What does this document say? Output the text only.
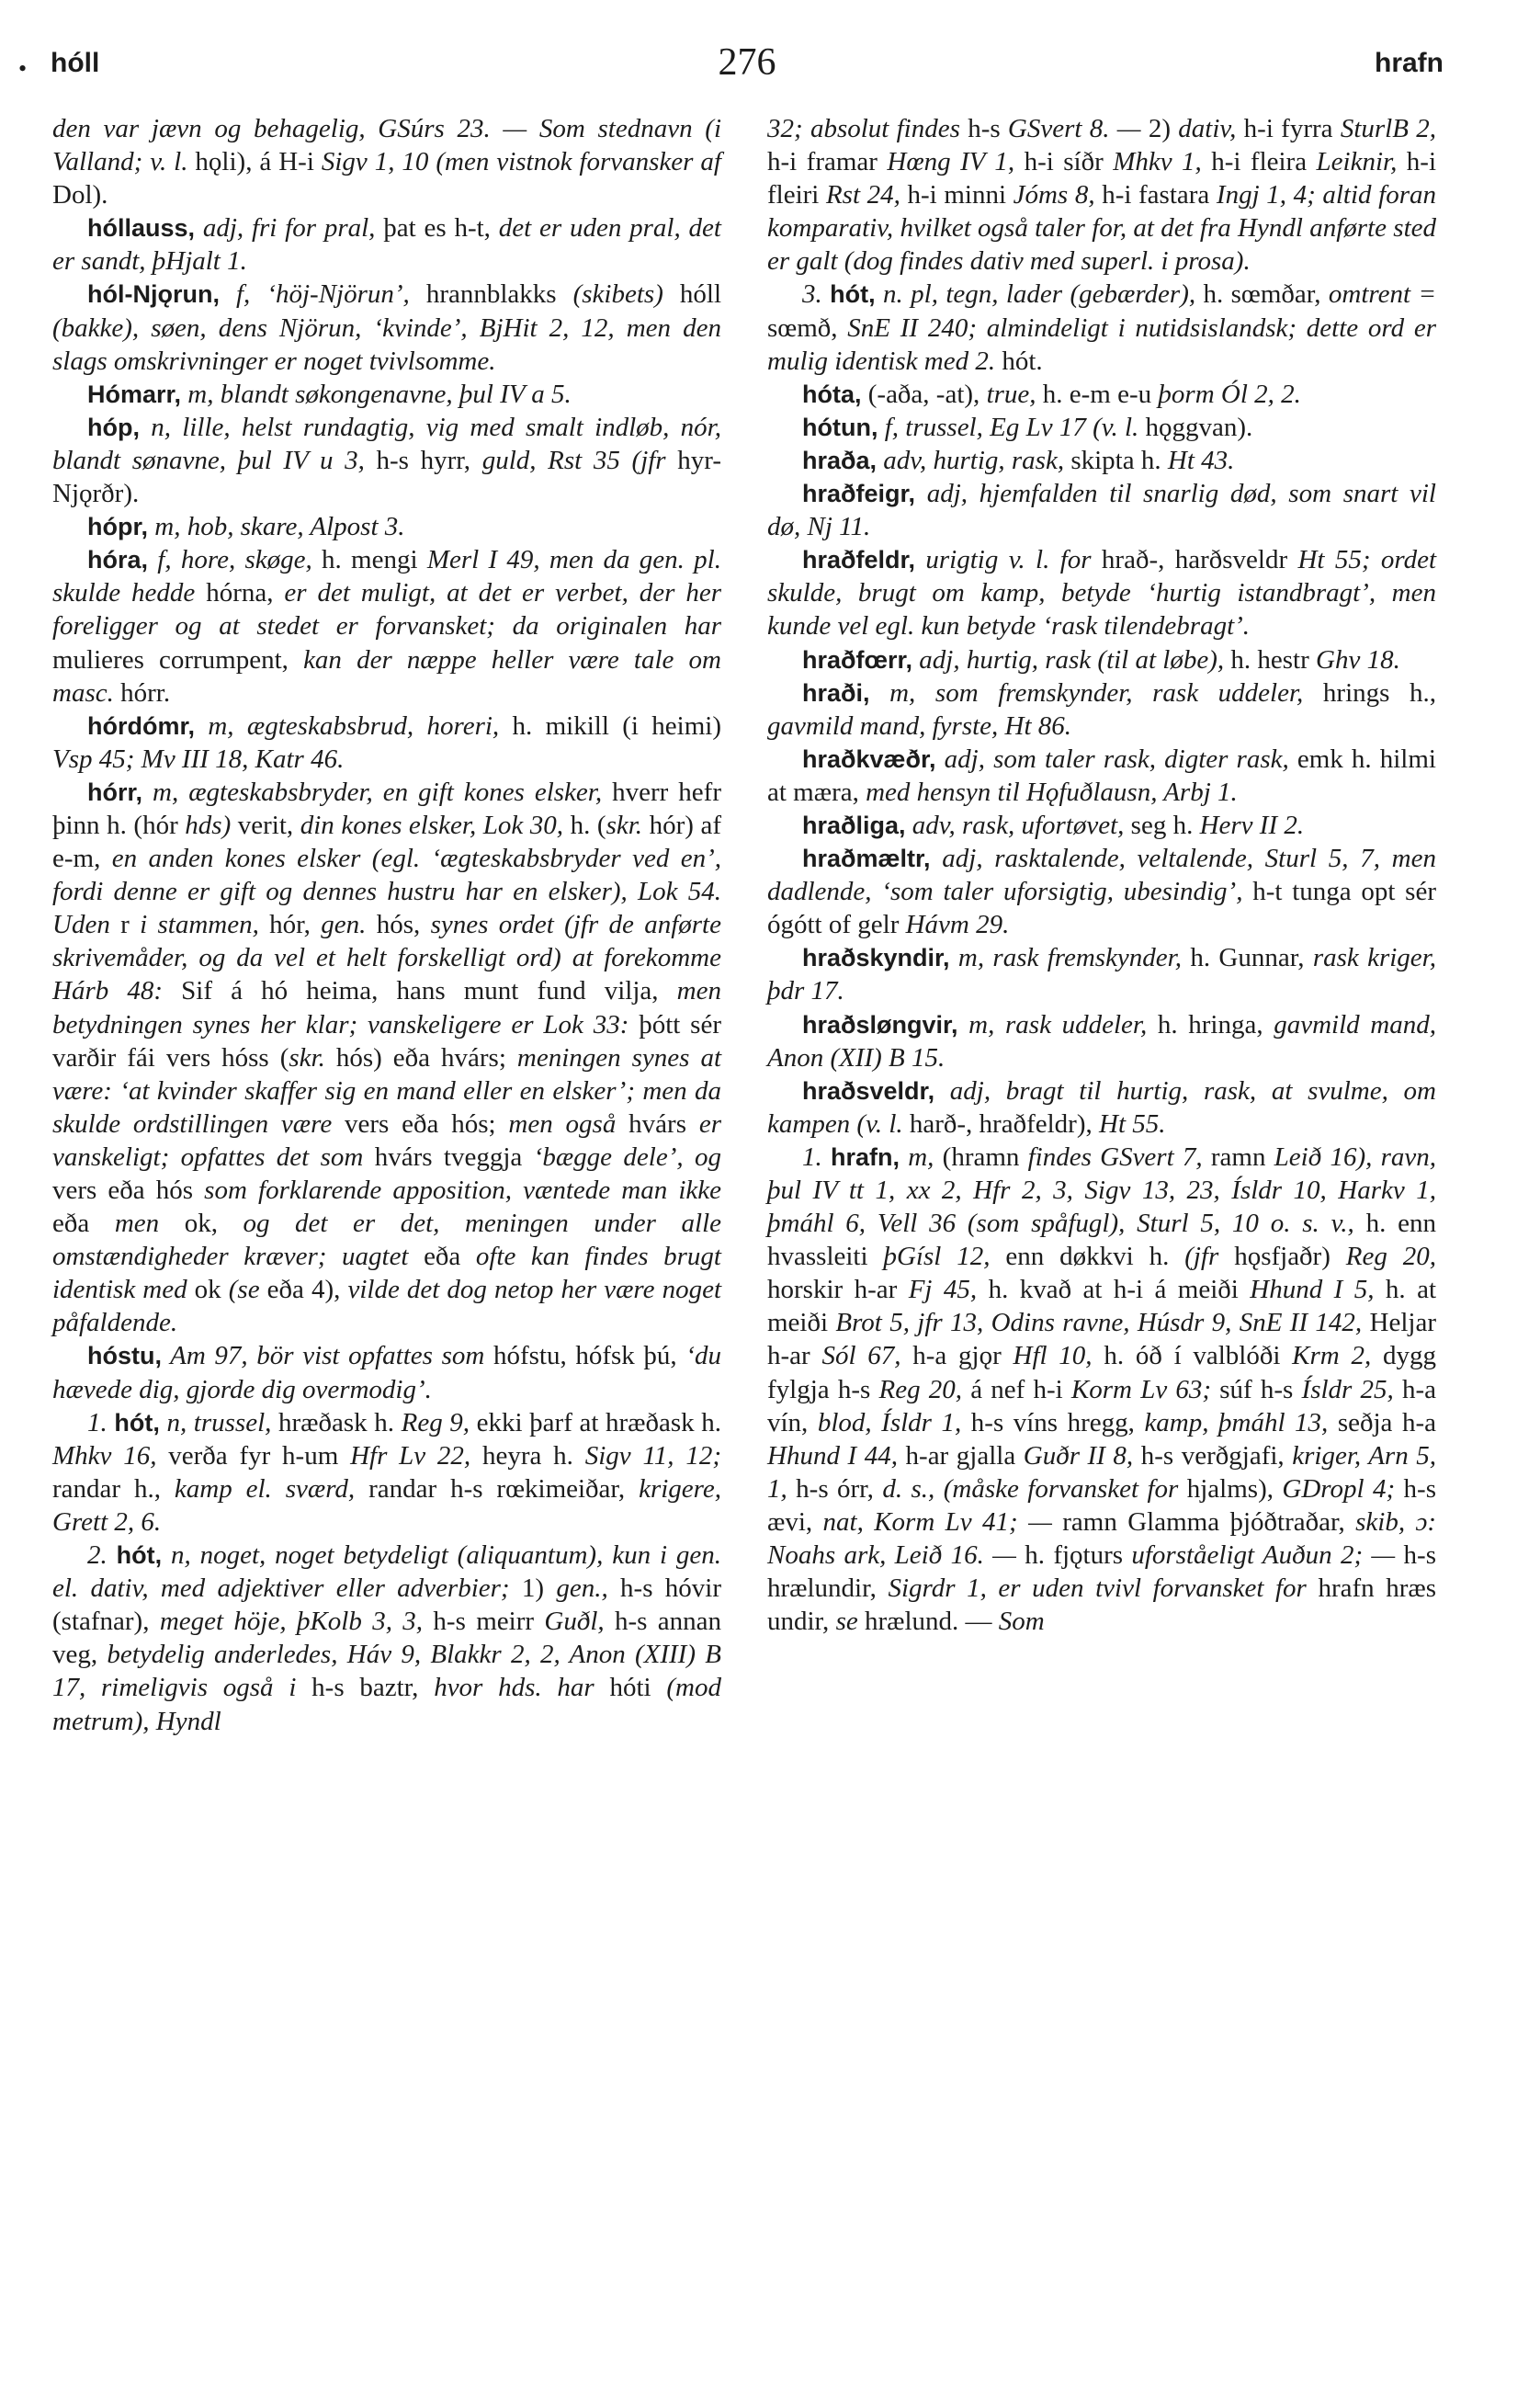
• hóll	276	hrafn

den var jævn og behagelig, GSúrs 23. — Som stednavn (i Valland; v. l. hǫli), á H-i Sigv 1, 10 (men vistnok forvansker af Dol).

hóllauss, adj, fri for pral, þat es h-t, det er uden pral, det er sandt, þHjalt 1.

hól-Njǫrun, f, ‘höj-Njörun’, hrannblakks (skibets) hóll (bakke), søen, dens Njörun, ‘kvinde’, BjHit 2, 12, men den slags omskrivninger er noget tvivlsomme.

Hómarr, m, blandt søkongenavne, þul IV a 5.

hóp, n, lille, helst rundagtig, vig med smalt indløb, nór, blandt sønavne, þul IV u 3, h-s hyrr, guld, Rst 35 (jfr hyr-Njǫrðr).

hópr, m, hob, skare, Alpost 3.

hóra, f, hore, skøge, h. mengi Merl I 49, men da gen. pl. skulde hedde hórna, er det muligt, at det er verbet, der her foreligger og at stedet er forvansket; da originalen har mulieres corrumpent, kan der næppe heller være tale om masc. hórr.

hórdómr, m, ægteskabsbrud, horeri, h. mikill (i heimi) Vsp 45; Mv III 18, Katr 46.

hórr, m, ægteskabsbryder, en gift kones elsker, hverr hefr þinn h. (hór hds) verit, din kones elsker, Lok 30, h. (skr. hór) af e-m, en anden kones elsker (egl. ‘ægteskabsbryder ved en’, fordi denne er gift og dennes hustru har en elsker), Lok 54. Uden r i stammen, hór, gen. hós, synes ordet (jfr de anførte skrivemåder, og da vel et helt forskelligt ord) at forekomme Hárb 48: Sif á hó heima, hans munt fund vilja, men betydningen synes her klar; vanskeligere er Lok 33: þótt sér varðir fái vers hóss (skr. hós) eða hvárs; meningen synes at være: ‘at kvinder skaffer sig en mand eller en elsker’; men da skulde ordstillingen være vers eða hós; men også hvárs er vanskeligt; opfattes det som hvárs tveggja ‘bægge dele’, og vers eða hós som forklarende apposition, væntede man ikke eða men ok, og det er det, meningen under alle omstændigheder kræver; uagtet eða ofte kan findes brugt identisk med ok (se eða 4), vilde det dog netop her være noget påfaldende.

hóstu, Am 97, bör vist opfattes som hófstu, hófsk þú, ‘du hævede dig, gjorde dig overmodig’.

1. hót, n, trussel, hræðask h. Reg 9, ekki þarf at hræðask h. Mhkv 16, verða fyr h-um Hfr Lv 22, heyra h. Sigv 11, 12; randar h., kamp el. sværd, randar h-s rœkimeiðar, krigere, Grett 2, 6.

2. hót, n, noget, noget betydeligt (aliquantum), kun i gen. el. dativ, med adjektiver eller adverbier; 1) gen., h-s hóvir (stafnar), meget höje, þKolb 3, 3, h-s meirr Guðl, h-s annan veg, betydelig anderledes, Háv 9, Blakkr 2, 2, Anon (XIII) B 17, rimeligvis også i h-s baztr, hvor hds. har hóti (mod metrum), Hyndl

32; absolut findes h-s GSvert 8. — 2) dativ, h-i fyrra SturlB 2, h-i framar Hœng IV 1, h-i síðr Mhkv 1, h-i fleira Leiknir, h-i fleiri Rst 24, h-i minni Jóms 8, h-i fastara Ingj 1, 4; altid foran komparativ, hvilket også taler for, at det fra Hyndl anførte sted er galt (dog findes dativ med superl. i prosa).

3. hót, n. pl, tegn, lader (gebærder), h. sœmðar, omtrent = sœmð, SnE II 240; almindeligt i nutidsislandsk; dette ord er mulig identisk med 2. hót.

hóta, (-aða, -at), true, h. e-m e-u þorm Ól 2, 2.

hótun, f, trussel, Eg Lv 17 (v. l. hǫggvan).

hraða, adv, hurtig, rask, skipta h. Ht 43.

hraðfeigr, adj, hjemfalden til snarlig død, som snart vil dø, Nj 11.

hraðfeldr, urigtig v. l. for hrað-, harðsveldr Ht 55; ordet skulde, brugt om kamp, betyde ‘hurtig istandbragt’, men kunde vel egl. kun betyde ‘rask tilendebragt’.

hraðfœrr, adj, hurtig, rask (til at løbe), h. hestr Ghv 18.

hraði, m, som fremskynder, rask uddeler, hrings h., gavmild mand, fyrste, Ht 86.

hraðkvæðr, adj, som taler rask, digter rask, emk h. hilmi at mæra, med hensyn til Hǫfuðlausn, Arbj 1.

hraðliga, adv, rask, ufortøvet, seg h. Herv II 2.

hraðmæltr, adj, rasktalende, veltalende, Sturl 5, 7, men dadlende, ‘som taler uforsigtig, ubesindig’, h-t tunga opt sér ógótt of gelr Hávm 29.

hraðskyndir, m, rask fremskynder, h. Gunnar, rask kriger, þdr 17.

hraðsløngvir, m, rask uddeler, h. hringa, gavmild mand, Anon (XII) B 15.

hraðsveldr, adj, bragt til hurtig, rask, at svulme, om kampen (v. l. harð-, hraðfeldr), Ht 55.

1. hrafn, m, (hramn findes GSvert 7, ramn Leið 16), ravn, þul IV tt 1, xx 2, Hfr 2, 3, Sigv 13, 23, Ísldr 10, Harkv 1, þmáhl 6, Vell 36 (som spåfugl), Sturl 5, 10 o. s. v., h. enn hvassleiti þGísl 12, enn døkkvi h. (jfr hǫsfjaðr) Reg 20, horskir h-ar Fj 45, h. kvað at h-i á meiði Hhund I 5, h. at meiði Brot 5, jfr 13, Odins ravne, Húsdr 9, SnE II 142, Heljar h-ar Sól 67, h-a gjǫr Hfl 10, h. óð í valblóði Krm 2, dygg fylgja h-s Reg 20, á nef h-i Korm Lv 63; súf h-s Ísldr 25, h-a vín, blod, Ísldr 1, h-s víns hregg, kamp, þmáhl 13, seðja h-a Hhund I 44, h-ar gjalla Guðr II 8, h-s verðgjafi, kriger, Arn 5, 1, h-s órr, d. s., (måske forvansket for hjalms), GDropl 4; h-s ævi, nat, Korm Lv 41; — ramn Glamma þjóðtraðar, skib, ɔ: Noahs ark, Leið 16. — h. fjǫturs uforståeligt Auðun 2; — h-s hrælundir, Sigrdr 1, er uden tvivl forvansket for hrafn hræs undir, se hrælund. — Som
